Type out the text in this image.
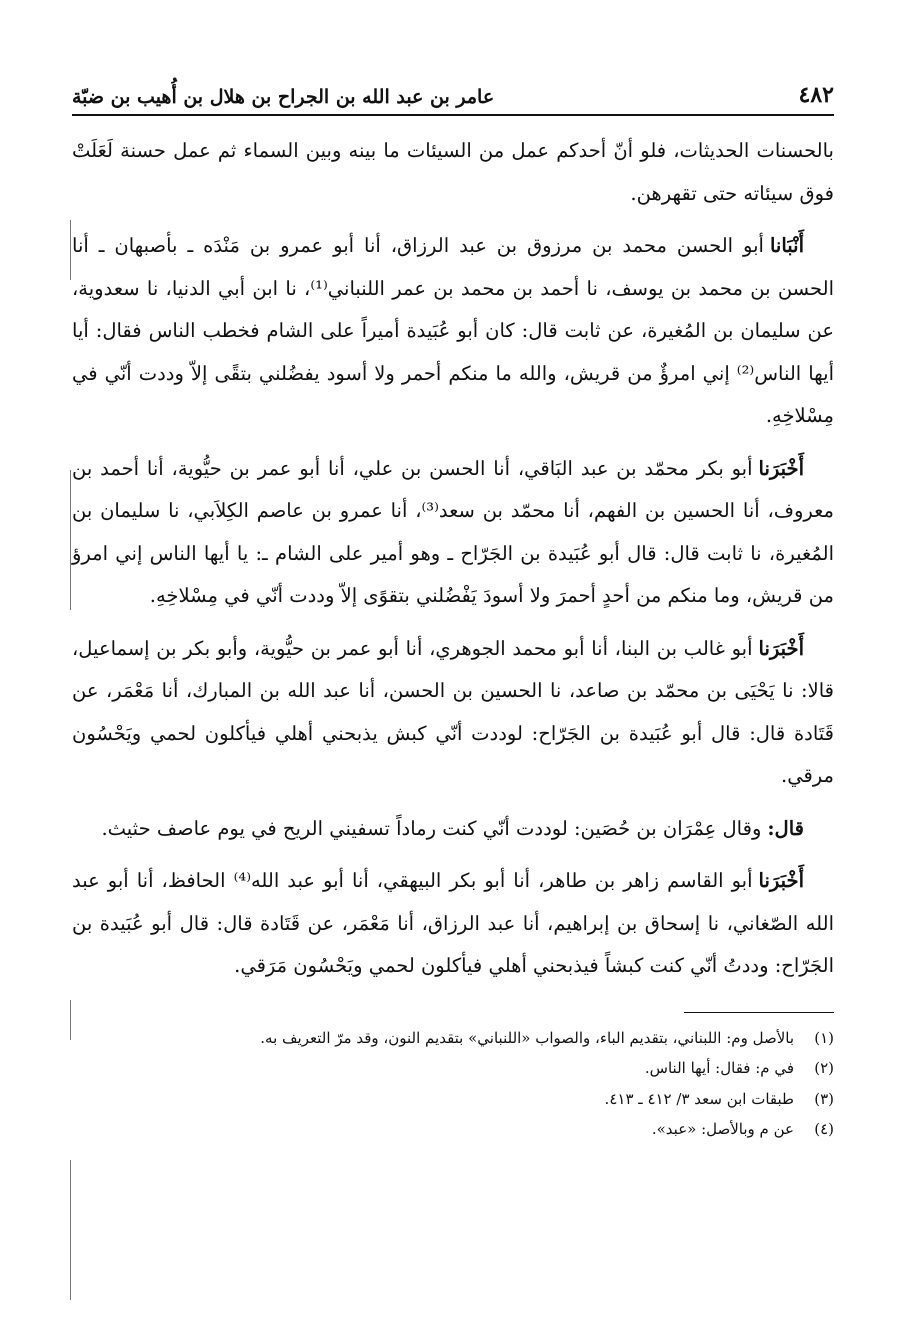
٤٨٢
عامر بن عبد الله بن الجراح بن هلال بن أُهيب بن ضبّة

بالحسنات الحديثات، فلو أنّ أحدكم عمل من السيئات ما بينه وبين السماء ثم عمل حسنة لَعَلَتْ فوق سيئاته حتى تقهرهن.

أَنْبَاناأبو الحسن محمد بن مرزوق بن عبد الرزاق، أنا أبو عمرو بن مَنْدَه ـ بأصبهان ـ أنا الحسن بن محمد بن يوسف، نا أحمد بن محمد بن عمر اللنباني⁽¹⁾، نا ابن أبي الدنيا، نا سعدوية، عن سليمان بن المُغيرة، عن ثابت قال: كان أبو عُبَيدة أميراً على الشام فخطب الناس فقال: أيا أيها الناس⁽²⁾ إني امرؤٌ من قريش، والله ما منكم أحمر ولا أسود يفضُلني بتقًى إلاّ وددت أنّي في مِسْلاخِهِ.

أَخْبَرَناأبو بكر محمّد بن عبد البَاقي، أنا الحسن بن علي، أنا أبو عمر بن حيُّوية، أنا أحمد بن معروف، أنا الحسين بن الفهم، أنا محمّد بن سعد⁽³⁾، أنا عمرو بن عاصم الكِلاَبي، نا سليمان بن المُغيرة، نا ثابت قال: قال أبو عُبَيدة بن الجَرّاح ـ وهو أمير على الشام ـ: يا أيها الناس إني امرؤ من قريش، وما منكم من أحدٍ أحمرَ ولا أسودَ يَفْضُلني بتقوًى إلاّ وددت أنّي في مِسْلاخِهِ.

أَخْبَرَناأبو غالب بن البنا، أنا أبو محمد الجوهري، أنا أبو عمر بن حيُّوية، وأبو بكر بن إسماعيل، قالا: نا يَحْيَى بن محمّد بن صاعد، نا الحسين بن الحسن، أنا عبد الله بن المبارك، أنا مَعْمَر، عن قَتَادة قال: قال أبو عُبَيدة بن الجَرّاح: لوددت أنّي كبش يذبحني أهلي فيأكلون لحمي ويَحْسُون مرقي.

قال:وقال عِمْرَان بن حُصَين: لوددت أنّي كنت رماداً تسفيني الريح في يوم عاصف حثيث.

أَخْبَرَناأبو القاسم زاهر بن طاهر، أنا أبو بكر البيهقي، أنا أبو عبد الله⁽⁴⁾ الحافظ، أنا أبو عبد الله الصّغاني، نا إسحاق بن إبراهيم، أنا عبد الرزاق، أنا مَعْمَر، عن قَتَادة قال: قال أبو عُبَيدة بن الجَرّاح: وددتُ أنّي كنت كبشاً فيذبحني أهلي فيأكلون لحمي ويَحْسُون مَرَقي.

(١)
بالأصل وم: اللبناني، بتقديم الباء، والصواب «اللنباني» بتقديم النون، وقد مرّ التعريف به.
(٢)
في م: فقال: أيها الناس.
(٣)
طبقات ابن سعد ٣/ ٤١٢ ـ ٤١٣.
(٤)
عن م وبالأصل: «عبد».
